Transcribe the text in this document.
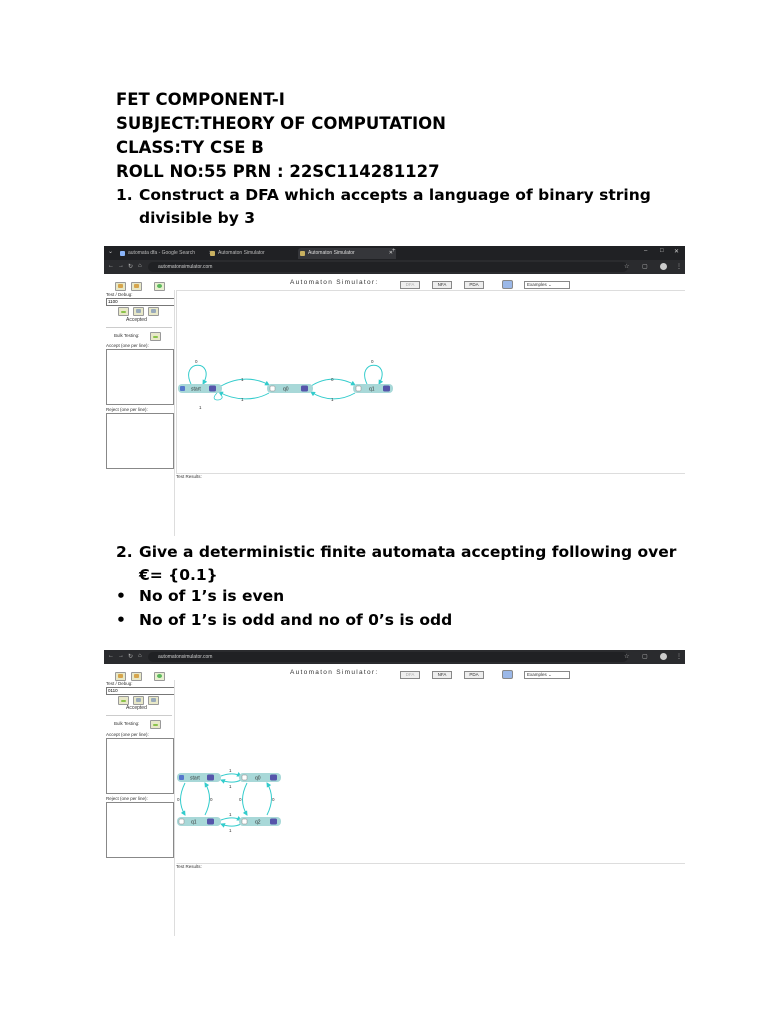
FET COMPONENT-I
SUBJECT:THEORY OF COMPUTATION
CLASS:TY CSE B
ROLL NO:55 PRN : 22SC114281127
1. Construct a DFA which accepts a language of binary string divisible by 3
⌄	automata dfa - Google Search	Automaton Simulator	Automaton Simulator	✕ +	– □ ✕
← → ↻ ⌂	automatonsimulator.com	☆ ▢	⋮
Automaton Simulator:	DFA	NFA	PDA	Examples ⌄
Test / Debug:
1100
Accepted
Bulk Testing:
Accept (one per line):
Reject (one per line):
0
1
1
0
1
0
1
start	q0	q1
Test Results:
2. Give a deterministic finite automata accepting following over €= {0.1}
• No of 1’s is even
• No of 1’s is odd and no of 0’s is odd
← → ↻ ⌂	automatonsimulator.com	☆ ▢	⋮
Automaton Simulator:	DFA	NFA	PDA	Examples ⌄
Test / Debug:
0110
Accepted
Bulk Testing:
Accept (one per line):
Reject (one per line):
1
1
0	0	0	0
1
1
start	q0
q1	q2
Test Results:
